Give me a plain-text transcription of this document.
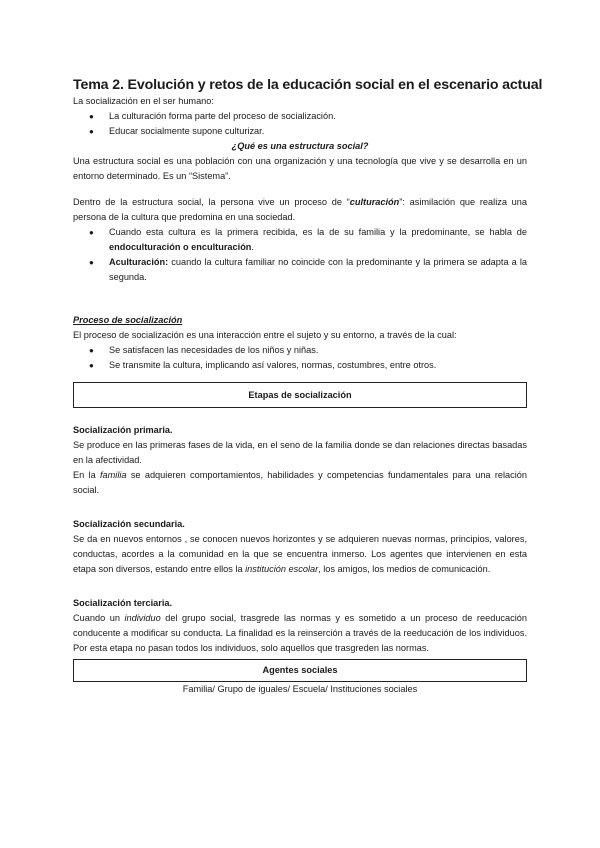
Tema 2. Evolución y retos de la educación social en el escenario actual

La socialización en el ser humano:

● La culturación forma parte del proceso de socialización.
● Educar socialmente supone culturizar.

¿Qué es una estructura social?

Una estructura social es una población con una organización y una tecnología que vive y se desarrolla en un entorno determinado. Es un “Sistema”.

Dentro de la estructura social, la persona vive un proceso de “culturación”: asimilación que realiza una persona de la cultura que predomina en una sociedad.

● Cuando esta cultura es la primera recibida, es la de su familia y la predominante, se habla de endoculturación o enculturación.
● Aculturación: cuando la cultura familiar no coincide con la predominante y la primera se adapta a la segunda.

Proceso de socialización

El proceso de socialización es una interacción entre el sujeto y su entorno, a través de la cual:

● Se satisfacen las necesidades de los niños y niñas.
● Se transmite la cultura, implicando así valores, normas, costumbres, entre otros.
Etapas de socialización

Socialización primaria.

Se produce en las primeras fases de la vida, en el seno de la familia donde se dan relaciones directas basadas en la afectividad.

En la familia se adquieren comportamientos, habilidades y competencias fundamentales para una relación social.

Socialización secundaria.

Se da en nuevos entornos , se conocen nuevos horizontes y se adquieren nuevas normas, principios, valores, conductas, acordes a la comunidad en la que se encuentra inmerso. Los agentes que intervienen en esta etapa son diversos, estando entre ellos la institución escolar, los amigos, los medios de comunicación.

Socialización terciaria.

Cuando un individuo del grupo social, trasgrede las normas y es sometido a un proceso de reeducación conducente a modificar su conducta. La finalidad es la reinserción a través de la reeducación de los individuos. Por esta etapa no pasan todos los individuos, solo aquellos que trasgreden las normas.

Agentes sociales

Familia/ Grupo de iguales/ Escuela/ Instituciones sociales
